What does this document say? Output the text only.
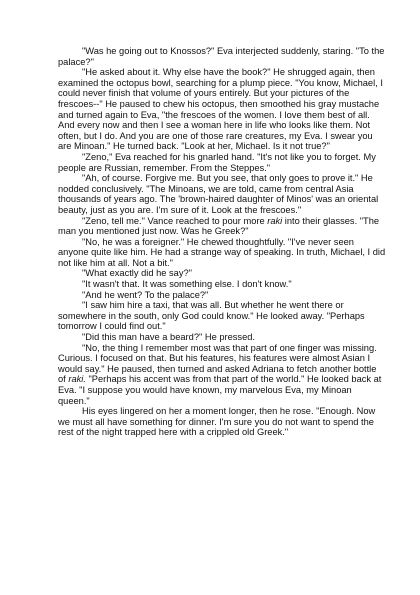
"Was he going out to Knossos?" Eva interjected suddenly, staring. "To the palace?"

"He asked about it. Why else have the book?" He shrugged again, then examined the octopus bowl, searching for a plump piece. "You know, Michael, I could never finish that volume of yours entirely. But your pictures of the frescoes--" He paused to chew his octopus, then smoothed his gray mustache and turned again to Eva, "the frescoes of the women. I love them best of all. And every now and then I see a woman here in life who looks like them. Not often, but I do. And you are one of those rare creatures, my Eva. I swear you are Minoan." He turned back. "Look at her, Michael. Is it not true?"

"Zeno," Eva reached for his gnarled hand. "It's not like you to forget. My people are Russian, remember. From the Steppes."

"Ah, of course. Forgive me. But you see, that only goes to prove it." He nodded conclusively. "The Minoans, we are told, came from central Asia thousands of years ago. The 'brown-haired daughter of Minos' was an oriental beauty, just as you are. I'm sure of it. Look at the frescoes."

"Zeno, tell me." Vance reached to pour more raki into their glasses. "The man you mentioned just now. Was he Greek?"

"No, he was a foreigner." He chewed thoughtfully. "I've never seen anyone quite like him. He had a strange way of speaking. In truth, Michael, I did not like him at all. Not a bit."

"What exactly did he say?"

"It wasn't that. It was something else. I don't know."

"And he went? To the palace?"

"I saw him hire a taxi, that was all. But whether he went there or somewhere in the south, only God could know." He looked away. "Perhaps tomorrow I could find out."

"Did this man have a beard?" He pressed.

"No, the thing I remember most was that part of one finger was missing. Curious. I focused on that. But his features, his features were almost Asian I would say." He paused, then turned and asked Adriana to fetch another bottle of raki. "Perhaps his accent was from that part of the world." He looked back at Eva. "I suppose you would have known, my marvelous Eva, my Minoan queen."

His eyes lingered on her a moment longer, then he rose. "Enough. Now we must all have something for dinner. I'm sure you do not want to spend the rest of the night trapped here with a crippled old Greek."
